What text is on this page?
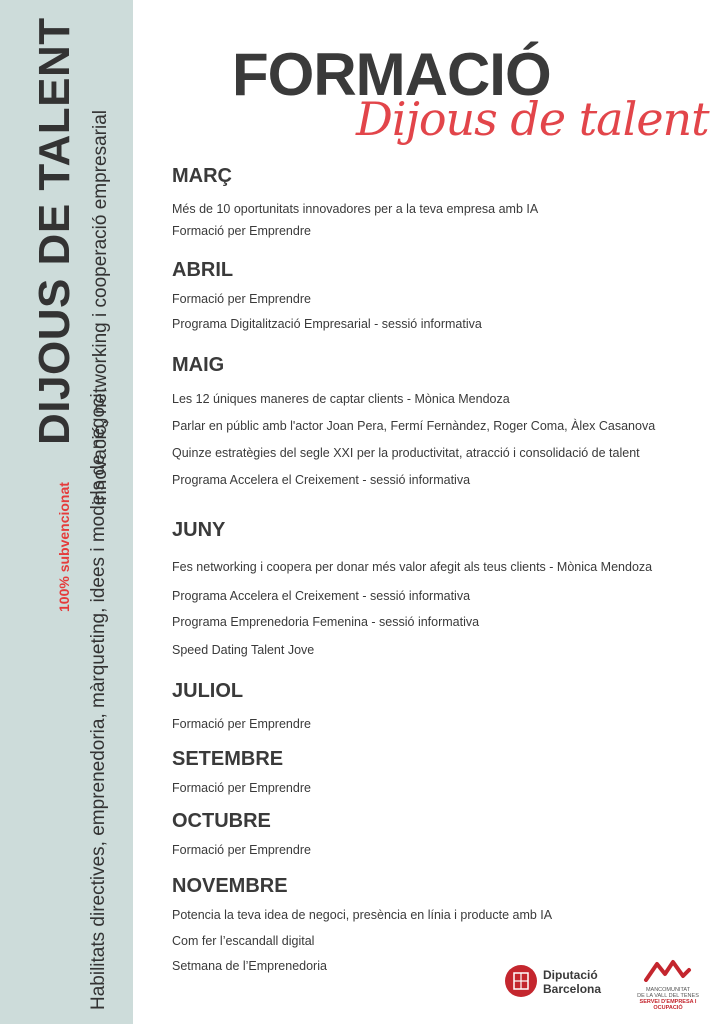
DIJOUS DE TALENT
100% subvencionat Habilitats directives, emprenedoria, màrqueting, idees i models de negoci,
innovació, networking i cooperació empresarial
FORMACIÓ
Dijous de talent
MARÇ
Més de 10 oportunitats innovadores per a la teva empresa amb IA
Formació per Emprendre
ABRIL
Formació per Emprendre
Programa Digitalització Empresarial - sessió informativa
MAIG
Les 12 úniques maneres de captar clients - Mònica Mendoza
Parlar en públic amb l'actor Joan Pera, Fermí Fernàndez, Roger Coma, Àlex Casanova
Quinze estratègies del segle XXI per la productivitat, atracció i consolidació de talent
Programa Accelera el Creixement - sessió informativa
JUNY
Fes networking i coopera per donar més valor afegit als teus clients - Mònica Mendoza
Programa Accelera el Creixement - sessió informativa
Programa Emprenedoria Femenina - sessió informativa
Speed Dating Talent Jove
JULIOL
Formació per Emprendre
SETEMBRE
Formació per Emprendre
OCTUBRE
Formació per Emprendre
NOVEMBRE
Potencia la teva idea de negoci, presència en línia i producte amb IA
Com fer l’escandall digital
Setmana de l’Emprenedoria
Diputació
Barcelona	MANCOMUNITAT
DE LA VALL DEL TENES
SERVEI D'EMPRESA I
OCUPACIÓ
